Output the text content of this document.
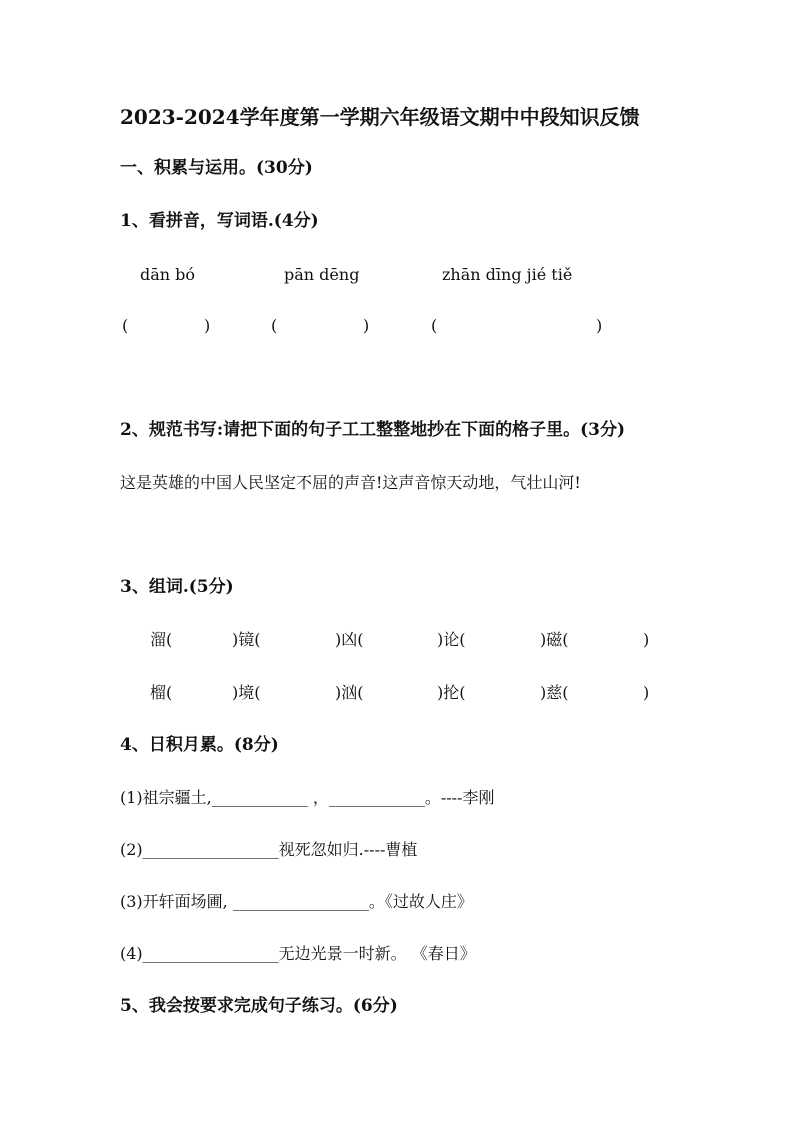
2023-2024学年度第一学期六年级语文期中中段知识反馈
一、积累与运用。(30分)
1、看拼音，写词语.(4分)
dān bó	pān dēng	zhān dīng jié tiě
(	)	(	)	(	)
2、规范书写:请把下面的句子工工整整地抄在下面的格子里。(3分)
这是英雄的中国人民坚定不屈的声音!这声音惊天动地，气壮山河!
3、组词.(5分)
溜(	)镜(	)凶(	)论(	)磁(	)
榴(	)境(	)汹(	)抡(	)慈(	)
4、日积月累。(8分)
(1)祖宗疆土,____________ ，____________。----李刚
(2)_________________视死忽如归.----曹植
(3)开轩面场圃, _________________。《过故人庄》
(4)_________________无边光景一时新。 《春日》
5、我会按要求完成句子练习。(6分)
